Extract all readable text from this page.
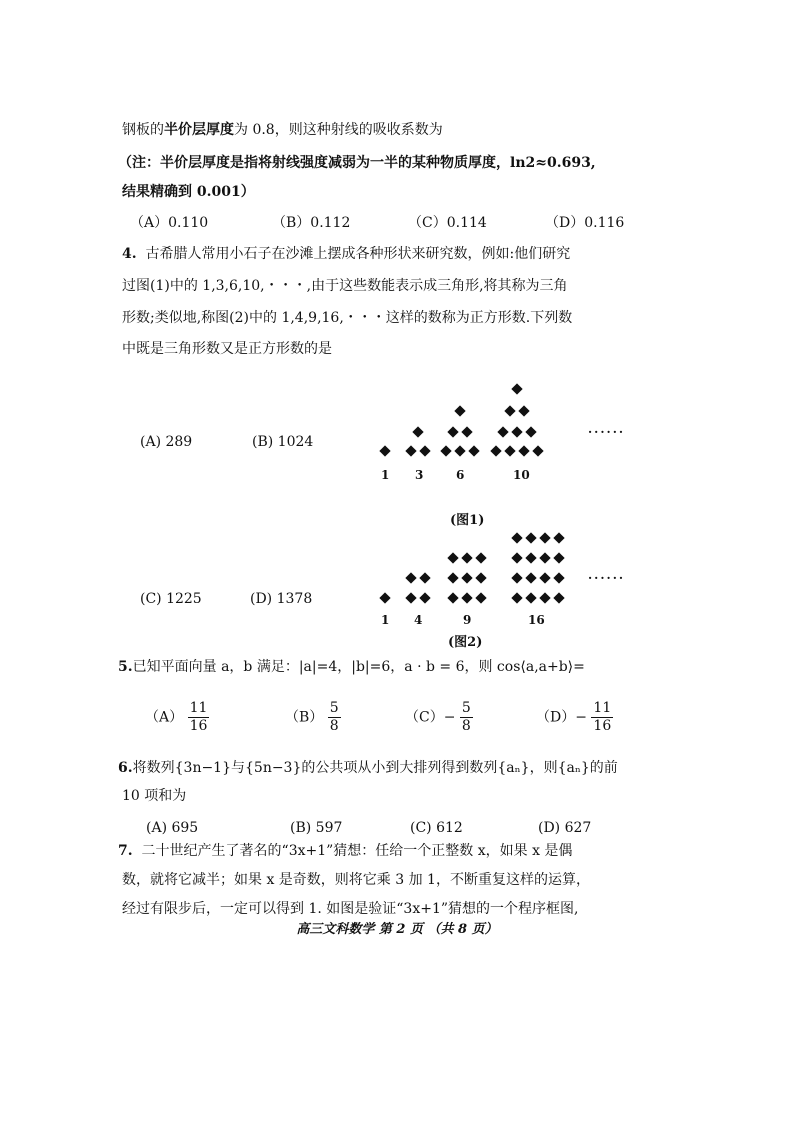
钢板的半价层厚度为 0.8，则这种射线的吸收系数为
（注：半价层厚度是指将射线强度减弱为一半的某种物质厚度，ln2≈0.693,
结果精确到 0.001）
（A）0.110	（B）0.112	（C）0.114	（D）0.116
4. 古希腊人常用小石子在沙滩上摆成各种形状来研究数，例如:他们研究
过图(1)中的 1,3,6,10,・・・,由于这些数能表示成三角形,将其称为三角
形数;类似地,称图(2)中的 1,4,9,16,・・・这样的数称为正方形数.下列数
中既是三角形数又是正方形数的是
(A) 289	(B) 1024
(C) 1225	(D) 1378
1 3	6	10
······
(图1)
1 4	9	16
······
(图2)
5.已知平面向量 a，b 满足：|a|=4，|b|=6，a · b = 6，则 cos⟨a,a+b⟩=
$(A) \frac{11}{16}$	$(B) \frac{5}{8}$	$(C)- \frac{5}{8}$	$(D)- \frac{11}{16}$
6.将数列{3n−1}与{5n−3}的公共项从小到大排列得到数列{aₙ}，则{aₙ}的前
10 项和为
(A) 695	(B) 597	(C) 612	(D) 627
7. 二十世纪产生了著名的“3x+1”猜想：任给一个正整数 x，如果 x 是偶
数，就将它减半；如果 x 是奇数，则将它乘 3 加 1，不断重复这样的运算，
经过有限步后，一定可以得到 1. 如图是验证“3x+1”猜想的一个程序框图,
高三文科数学 第 2 页 （共 8 页）
